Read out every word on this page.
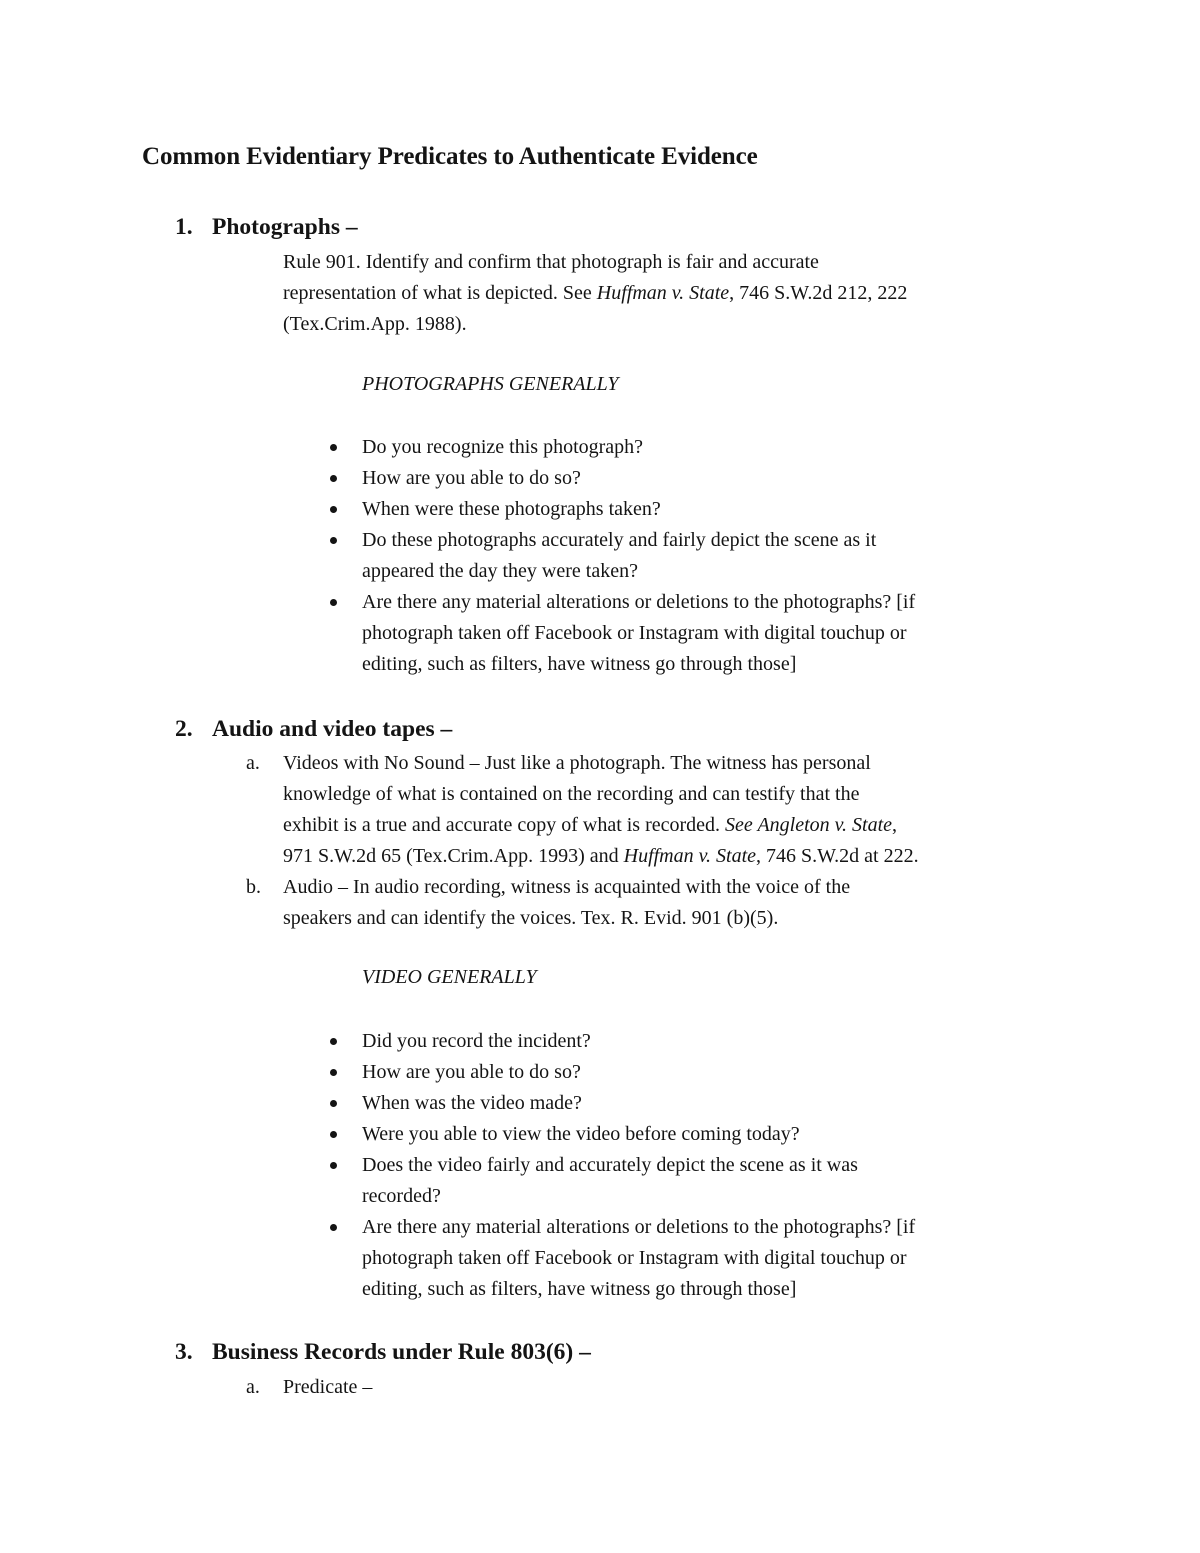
Common Evidentiary Predicates to Authenticate Evidence
1. Photographs –
Rule 901. Identify and confirm that photograph is fair and accurate
representation of what is depicted. See Huffman v. State, 746 S.W.2d 212, 222
(Tex.Crim.App. 1988).
PHOTOGRAPHS GENERALLY
Do you recognize this photograph?
How are you able to do so?
When were these photographs taken?
Do these photographs accurately and fairly depict the scene as it
appeared the day they were taken?
Are there any material alterations or deletions to the photographs? [if
photograph taken off Facebook or Instagram with digital touchup or
editing, such as filters, have witness go through those]
2. Audio and video tapes –
a. Videos with No Sound – Just like a photograph. The witness has personal
knowledge of what is contained on the recording and can testify that the
exhibit is a true and accurate copy of what is recorded. See Angleton v. State,
971 S.W.2d 65 (Tex.Crim.App. 1993) and Huffman v. State, 746 S.W.2d at 222.
b. Audio – In audio recording, witness is acquainted with the voice of the
speakers and can identify the voices. Tex. R. Evid. 901 (b)(5).
VIDEO GENERALLY
Did you record the incident?
How are you able to do so?
When was the video made?
Were you able to view the video before coming today?
Does the video fairly and accurately depict the scene as it was
recorded?
Are there any material alterations or deletions to the photographs? [if
photograph taken off Facebook or Instagram with digital touchup or
editing, such as filters, have witness go through those]
3. Business Records under Rule 803(6) –
a. Predicate –
